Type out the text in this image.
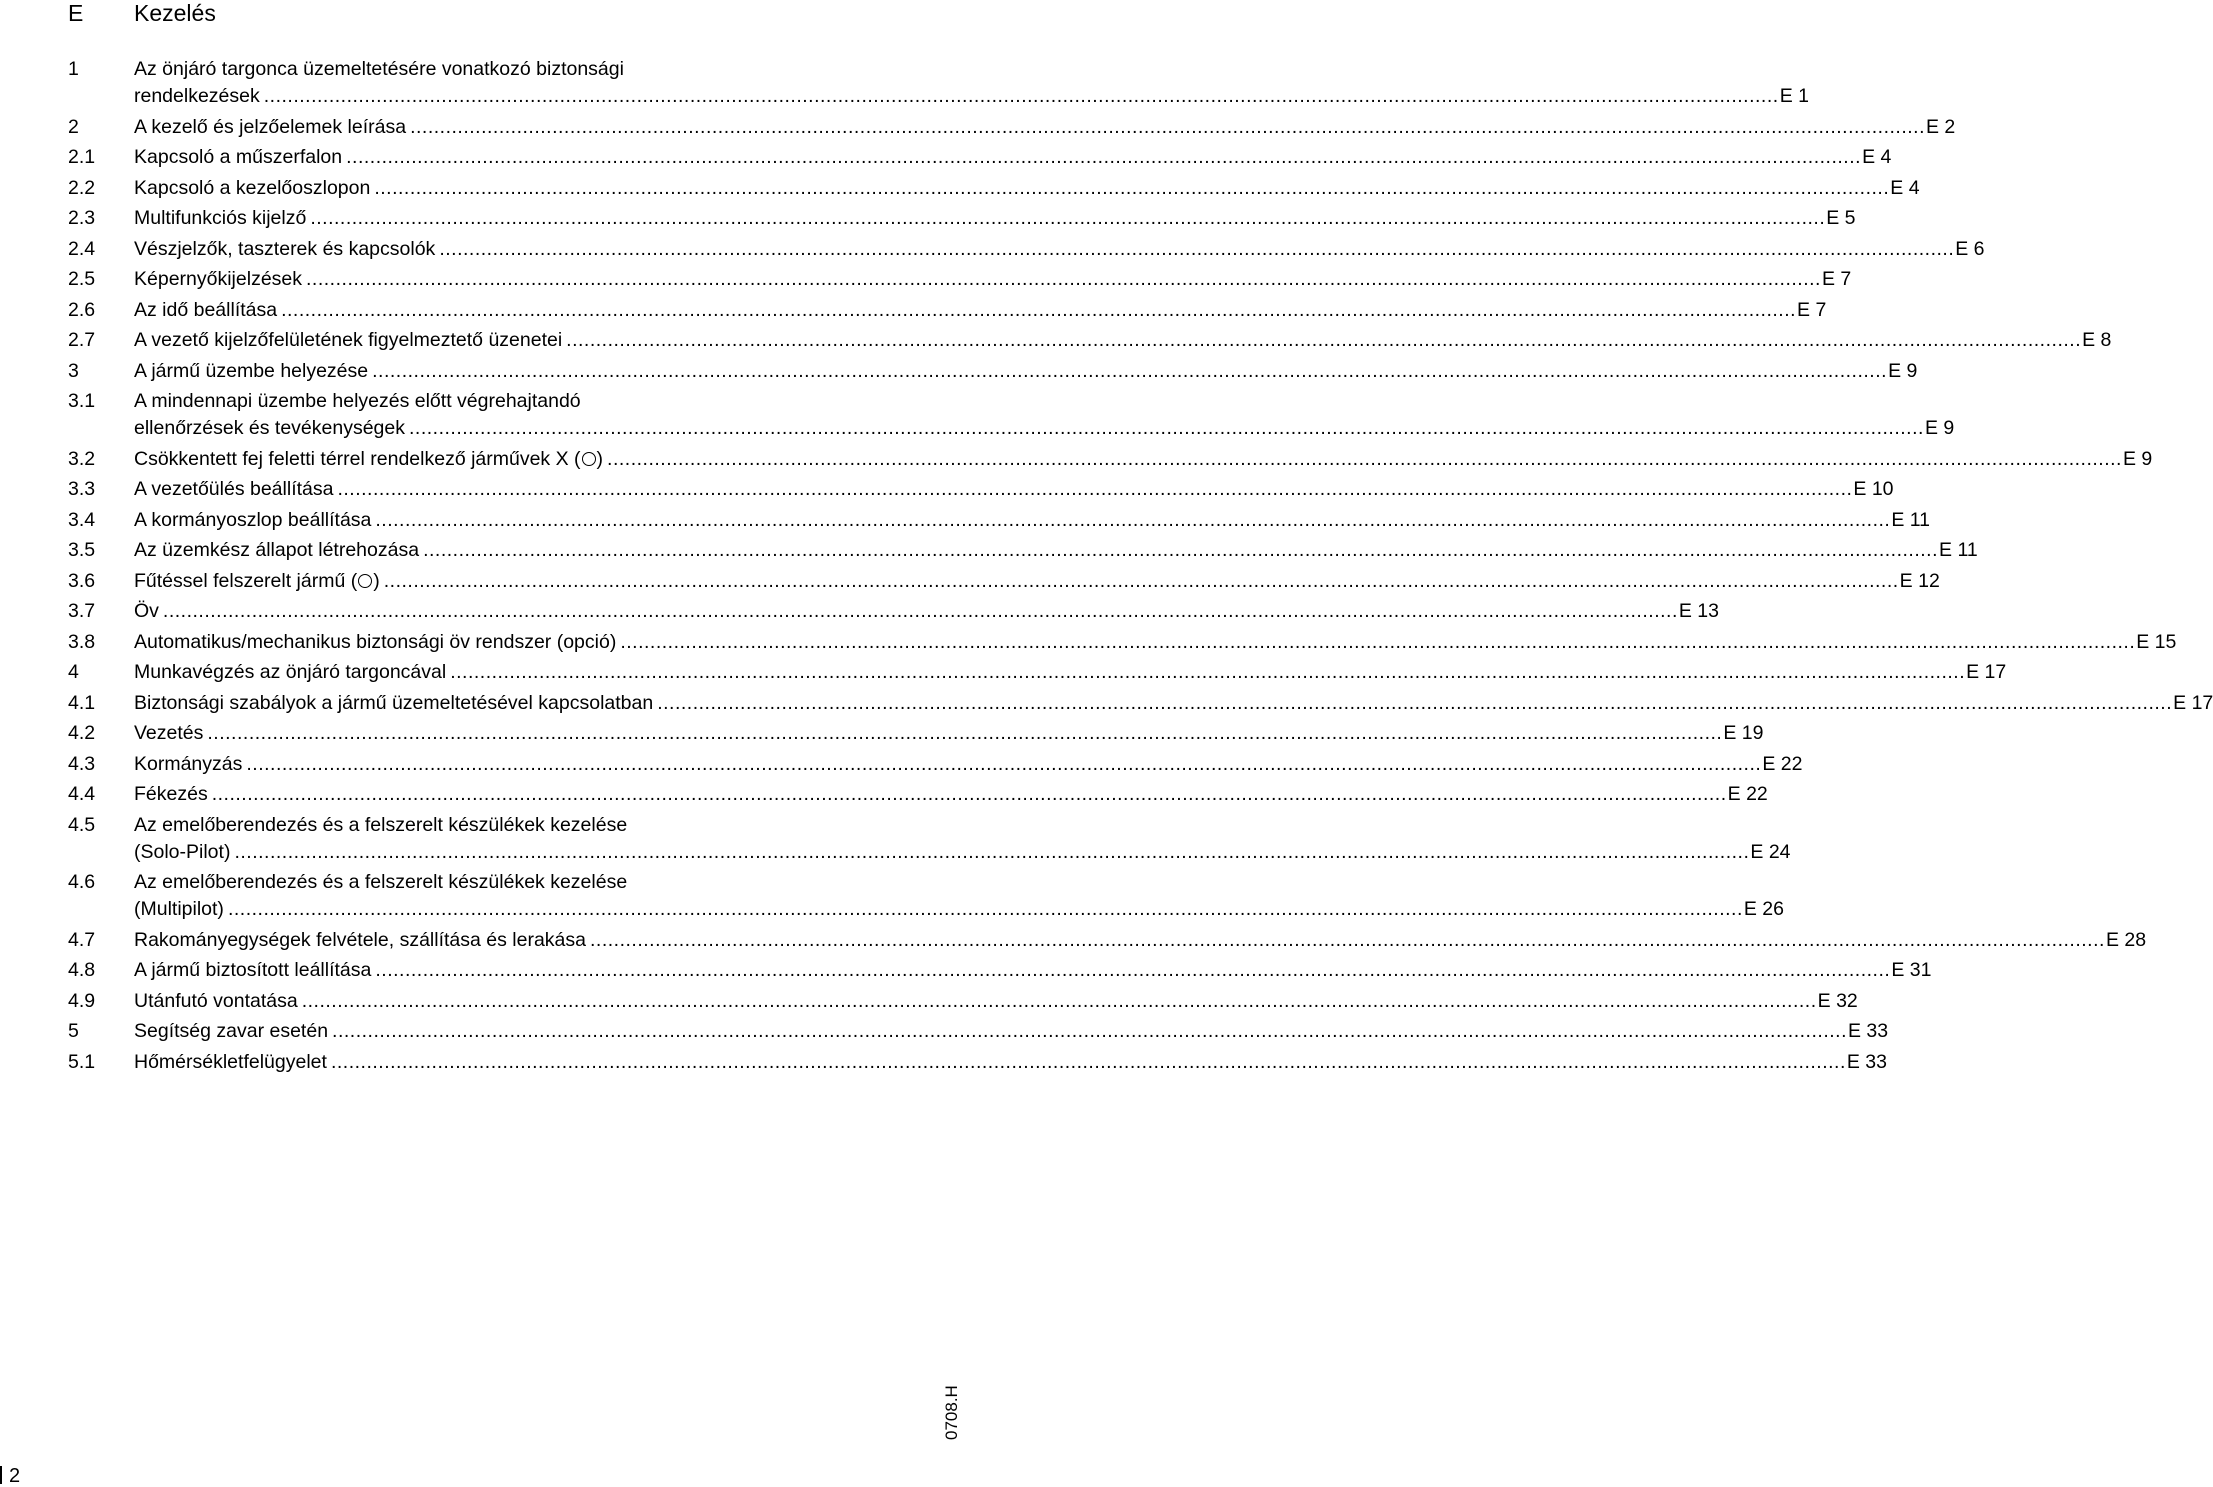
E	Kezelés
1	Az önjáró targonca üzemeltetésére vonatkozó biztonsági
rendelkezések .....	E 1
2	A kezelő és jelzőelemek leírása .....	E 2
2.1	Kapcsoló a műszerfalon .....	E 4
2.2	Kapcsoló a kezelőoszlopon .....	E 4
2.3	Multifunkciós kijelző .....	E 5
2.4	Vészjelzők, taszterek és kapcsolók .....	E 6
2.5	Képernyőkijelzések .....	E 7
2.6	Az idő beállítása .....	E 7
2.7	A vezető kijelzőfelületének figyelmeztető üzenetei .....	E 8
3	A jármű üzembe helyezése .....	E 9
3.1	A mindennapi üzembe helyezés előtt végrehajtandó
ellenőrzések és tevékenységek .....	E 9
3.2	Csökkentett fej feletti térrel rendelkező járművek X ( ) .....	E 9
3.3	A vezetőülés beállítása .....	E 10
3.4	A kormányoszlop beállítása .....	E 11
3.5	Az üzemkész állapot létrehozása .....	E 11
3.6	Fűtéssel felszerelt jármű ( ) .....	E 12
3.7	Öv .....	E 13
3.8	Automatikus/mechanikus biztonsági öv rendszer (opció) .....	E 15
4	Munkavégzés az önjáró targoncával .....	E 17
4.1	Biztonsági szabályok a jármű üzemeltetésével kapcsolatban .....	E 17
4.2	Vezetés .....	E 19
4.3	Kormányzás .....	E 22
4.4	Fékezés .....	E 22
4.5	Az emelőberendezés és a felszerelt készülékek kezelése
(Solo-Pilot) .....	E 24
4.6	Az emelőberendezés és a felszerelt készülékek kezelése
(Multipilot) .....	E 26
4.7	Rakományegységek felvétele, szállítása és lerakása .....	E 28
4.8	A jármű biztosított leállítása .....	E 31
4.9	Utánfutó vontatása .....	E 32
5	Segítség zavar esetén .....	E 33
5.1	Hőmérsékletfelügyelet .....	E 33
0708.H
2
